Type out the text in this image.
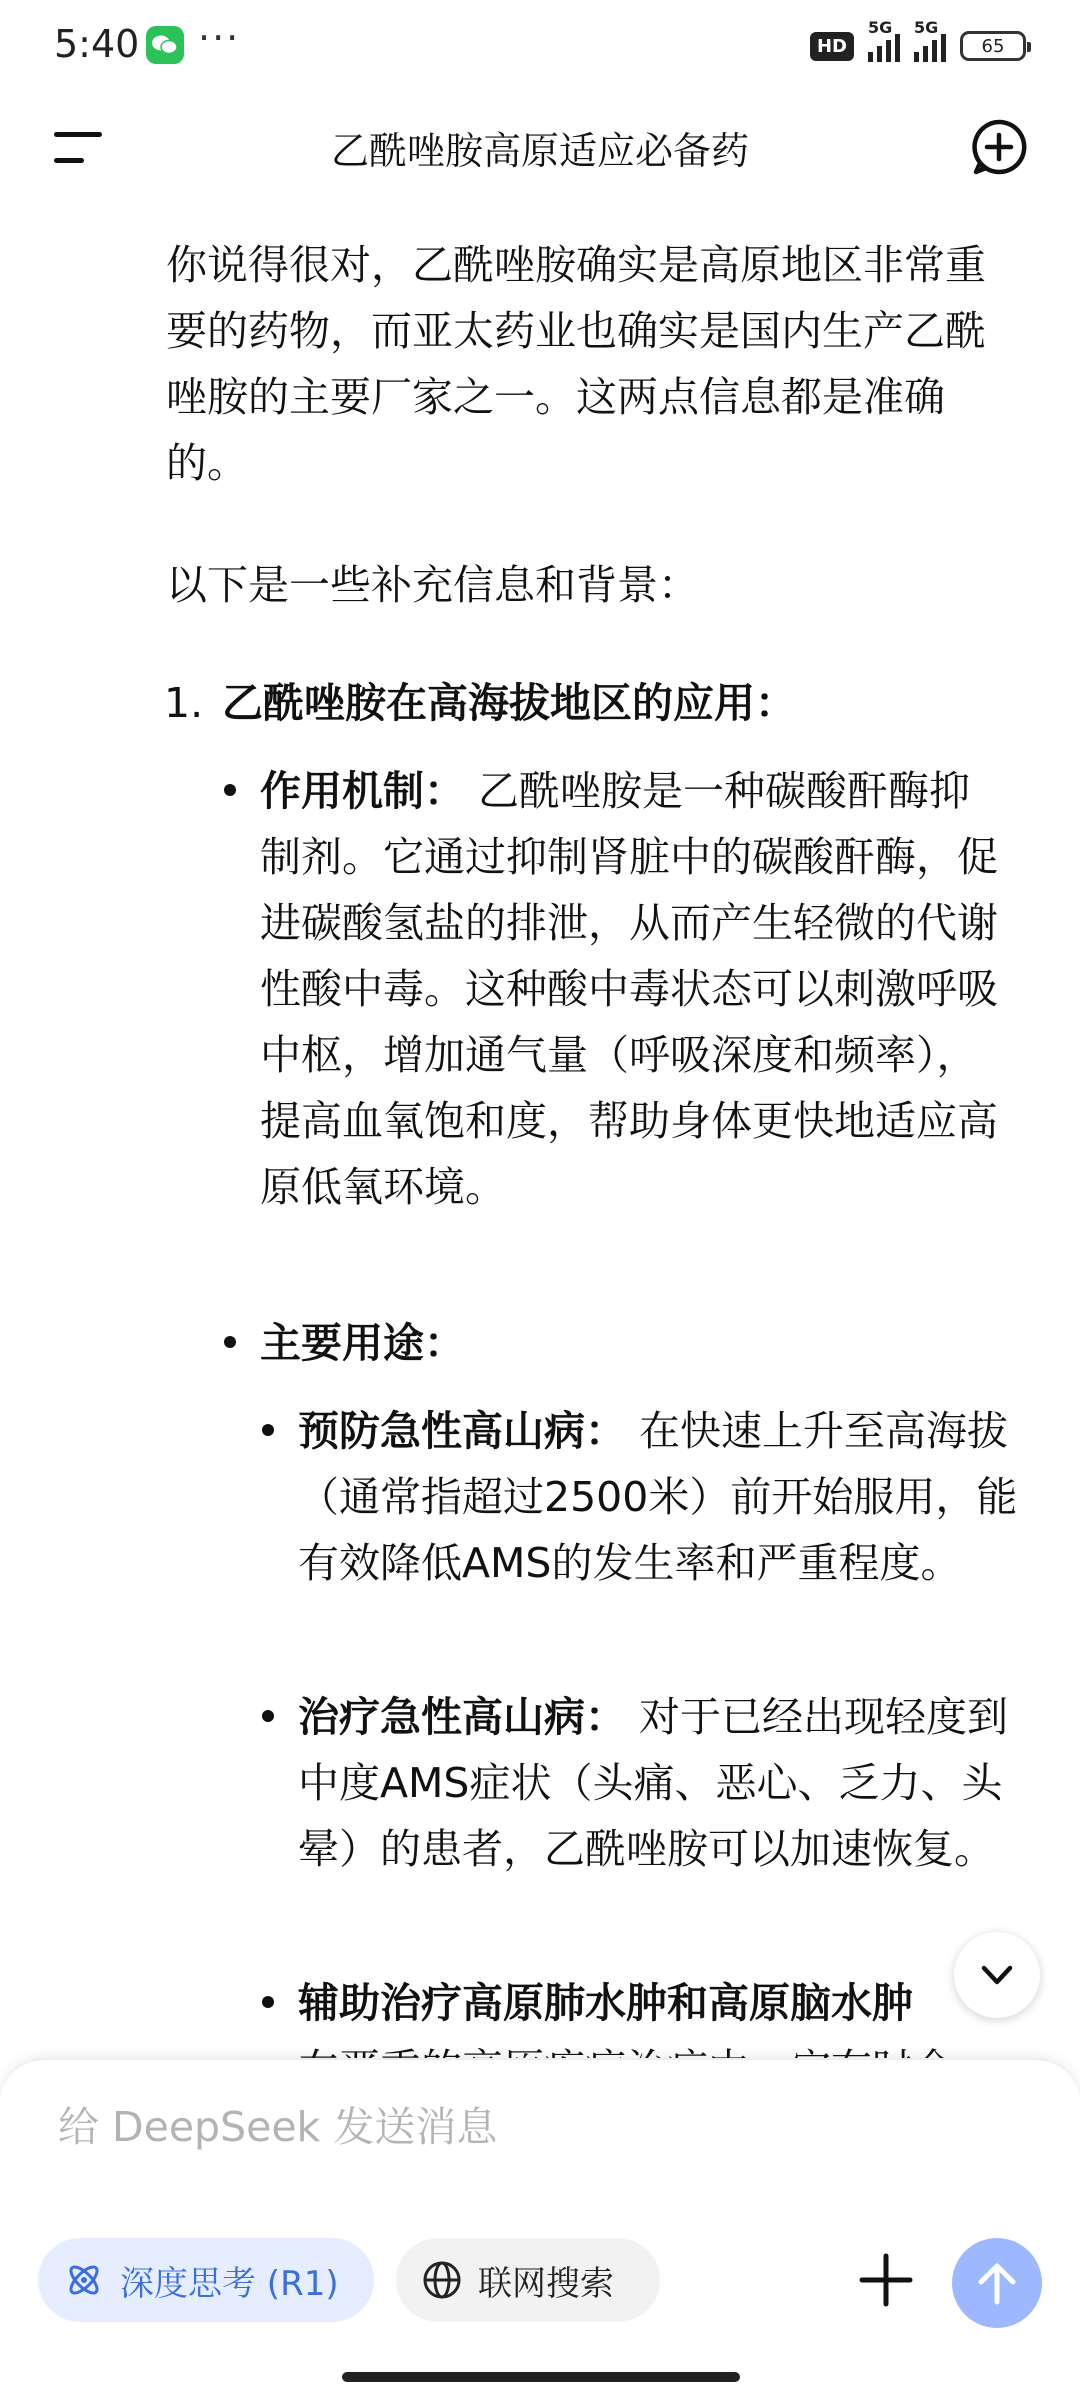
5:40 ···	HD
5G 5G
65
乙酰唑胺高原适应必备药

你说得很对，乙酰唑胺确实是高原地区非常重要的药物，而亚太药业也确实是国内生产乙酰唑胺的主要厂家之一。这两点信息都是准确的。

以下是一些补充信息和背景：

1. 乙酰唑胺在高海拔地区的应用：

作用机制： 乙酰唑胺是一种碳酸酐酶抑制剂。它通过抑制肾脏中的碳酸酐酶，促进碳酸氢盐的排泄，从而产生轻微的代谢性酸中毒。这种酸中毒状态可以刺激呼吸中枢，增加通气量（呼吸深度和频率），提高血氧饱和度，帮助身体更快地适应高原低氧环境。

主要用途：

预防急性高山病： 在快速上升至高海拔（通常指超过2500米）前开始服用，能有效降低AMS的发生率和严重程度。

治疗急性高山病： 对于已经出现轻度到中度AMS症状（头痛、恶心、乏力、头晕）的患者，乙酰唑胺可以加速恢复。

辅助治疗高原肺水肿和高原脑水肿

给 DeepSeek 发送消息
深度思考 (R1)	联网搜索
